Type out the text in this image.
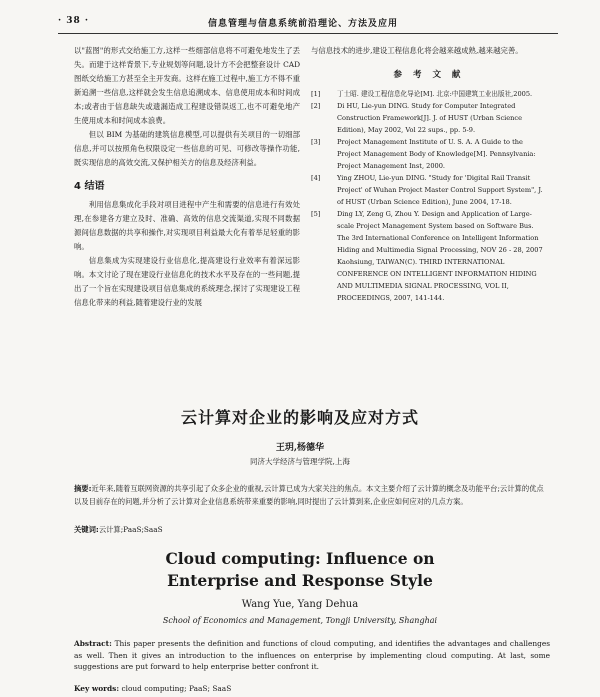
· 38 ·	信息管理与信息系统前沿理论、方法及应用

以"蓝图"的形式交给施工方,这样一些细部信息将不可避免地发生了丢失。而建于这样背景下,专业规划等问题,设计方不会把整套设计 CAD 图纸交给施工方甚至全主开发商。这样在施工过程中,施工方不得不重新追溯一些信息,这样就会发生信息追溯成本、信息使用成本和时间成本;或者由于信息缺失或遗漏造成工程建设错误返工,也不可避免地产生使用成本和时间成本浪费。

但以 BIM 为基础的建筑信息模型,可以提供有关项目的一切细部信息,并可以按照角色权限设定一些信息的可见、可修改等操作功能,既实现信息的高效交流,又保护相关方的信息及经济利益。

4 结语

利用信息集成化手段对项目进程中产生和需要的信息进行有效处理,在参建各方建立及时、准确、高效的信息交流渠道,实现不同数据源间信息数据的共享和操作,对实现项目利益最大化有着举足轻重的影响。

信息集成为实现建设行业信息化,提高建设行业效率有着深远影响。本文讨论了现在建设行业信息化的技术水平及存在的一些问题,提出了一个旨在实现建设项目信息集成的系统理念,探讨了实现建设工程信息化带来的利益,随着建设行业的发展

与信息技术的进步,建设工程信息化将会越来越成熟,越来越完善。

参 考 文 献
[1]	丁士昭. 建设工程信息化导论[M]. 北京:中国建筑工业出版社,2005.
[2]	Di HU, Lie-yun DING. Study for Computer Integrated Construction Framework[J]. J. of HUST (Urban Science Edition), May 2002, Vol 22 sups., pp. 5-9.
[3]	Project Management Institute of U. S. A. A Guide to the Project Management Body of Knowledge[M]. Pennsylvania: Project Management Inst, 2000.
[4]	Ying ZHOU, Lie-yun DING. "Study for 'Digital Rail Transit Project' of Wuhan Project Master Control Support System", J. of HUST (Urban Science Edition), June 2004, 17-18.
[5]	Ding LY, Zeng G, Zhou Y. Design and Application of Large-scale Project Management System based on Software Bus. The 3rd International Conference on Intelligent Information Hiding and Multimedia Signal Processing, NOV 26 - 28, 2007 Kaohsiung, TAIWAN(C). THIRD INTERNATIONAL CONFERENCE ON INTELLIGENT INFORMATION HIDING AND MULTIMEDIA SIGNAL PROCESSING, VOL II, PROCEEDINGS, 2007, 141-144.
云计算对企业的影响及应对方式
王玥,杨德华
同济大学经济与管理学院,上海

摘要:近年来,随着互联网资源的共享引起了众多企业的重视,云计算已成为大家关注的焦点。本文主要介绍了云计算的概念及功能平台;云计算的优点以及目前存在的问题,并分析了云计算对企业信息系统带来重要的影响,同时提出了云计算到来,企业应如何应对的几点方案。

关键词:云计算;PaaS;SaaS

Cloud computing: Influence on
Enterprise and Response Style
Wang Yue, Yang Dehua
School of Economics and Management, Tongji University, Shanghai

Abstract: This paper presents the definition and functions of cloud computing, and identifies the advantages and challenges as well. Then it gives an introduction to the influences on enterprise by implementing cloud computing. At last, some suggestions are put forward to help enterprise better confront it.

Key words: cloud computing; PaaS; SaaS
